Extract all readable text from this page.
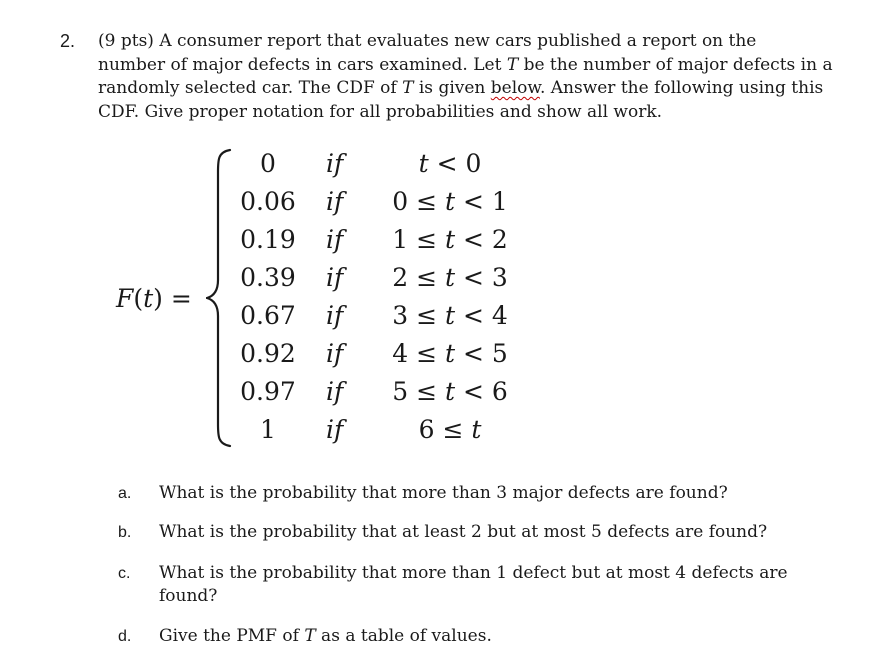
2. (9 pts) A consumer report that evaluates new cars published a report on the
number of major defects in cars examined. Let T be the number of major defects in a
randomly selected car. The CDF of T is given below. Answer the following using this
CDF. Give proper notation for all probabilities and show all work.
F(t) =
0	if	t < 0
0.06 if	0 ≤ t < 1
0.19 if	1 ≤ t < 2
0.39 if	2 ≤ t < 3
0.67 if	3 ≤ t < 4
0.92 if	4 ≤ t < 5
0.97 if	5 ≤ t < 6
1	if	6 ≤ t
a. What is the probability that more than 3 major defects are found?
b. What is the probability that at least 2 but at most 5 defects are found?
c. What is the probability that more than 1 defect but at most 4 defects are found?
d. Give the PMF of T as a table of values.
